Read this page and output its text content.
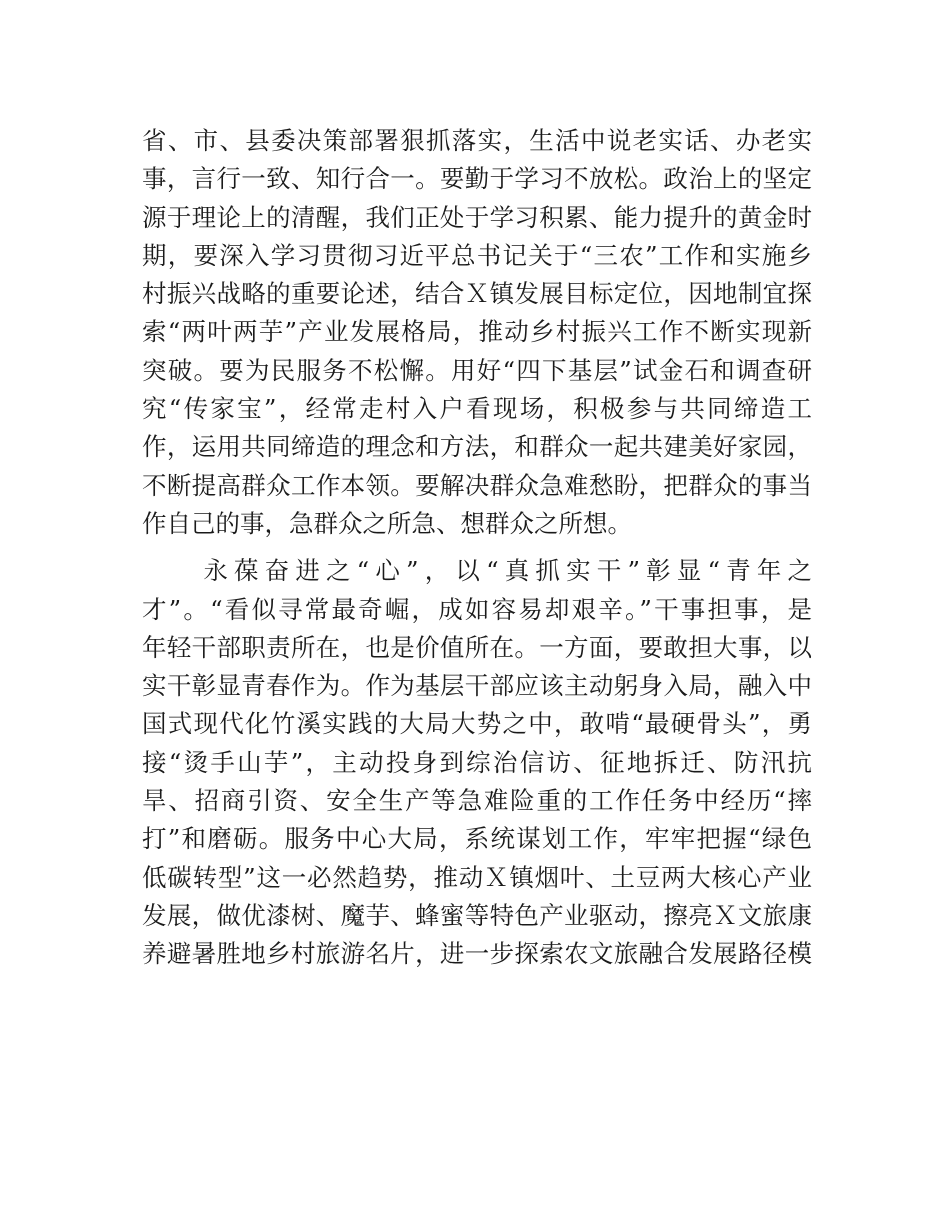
省、市、县委决策部署狠抓落实，生活中说老实话、办老实
事，言行一致、知行合一。要勤于学习不放松。政治上的坚定
源于理论上的清醒，我们正处于学习积累、能力提升的黄金时
期，要深入学习贯彻习近平总书记关于“三农”工作和实施乡
村振兴战略的重要论述，结合Ｘ镇发展目标定位，因地制宜探
索“两叶两芋”产业发展格局，推动乡村振兴工作不断实现新
突破。要为民服务不松懈。用好“四下基层”试金石和调查研
究“传家宝”，经常走村入户看现场，积极参与共同缔造工
作，运用共同缔造的理念和方法，和群众一起共建美好家园，
不断提高群众工作本领。要解决群众急难愁盼，把群众的事当
作自己的事，急群众之所急、想群众之所想。
　　永葆奋进之“心”，以“真抓实干”彰显“青年之
才”。“看似寻常最奇崛，成如容易却艰辛。”干事担事，是
年轻干部职责所在，也是价值所在。一方面，要敢担大事，以
实干彰显青春作为。作为基层干部应该主动躬身入局，融入中
国式现代化竹溪实践的大局大势之中，敢啃“最硬骨头”，勇
接“烫手山芋”，主动投身到综治信访、征地拆迁、防汛抗
旱、招商引资、安全生产等急难险重的工作任务中经历“摔
打”和磨砺。服务中心大局，系统谋划工作，牢牢把握“绿色
低碳转型”这一必然趋势，推动Ｘ镇烟叶、土豆两大核心产业
发展，做优漆树、魔芋、蜂蜜等特色产业驱动，擦亮Ｘ文旅康
养避暑胜地乡村旅游名片，进一步探索农文旅融合发展路径模
